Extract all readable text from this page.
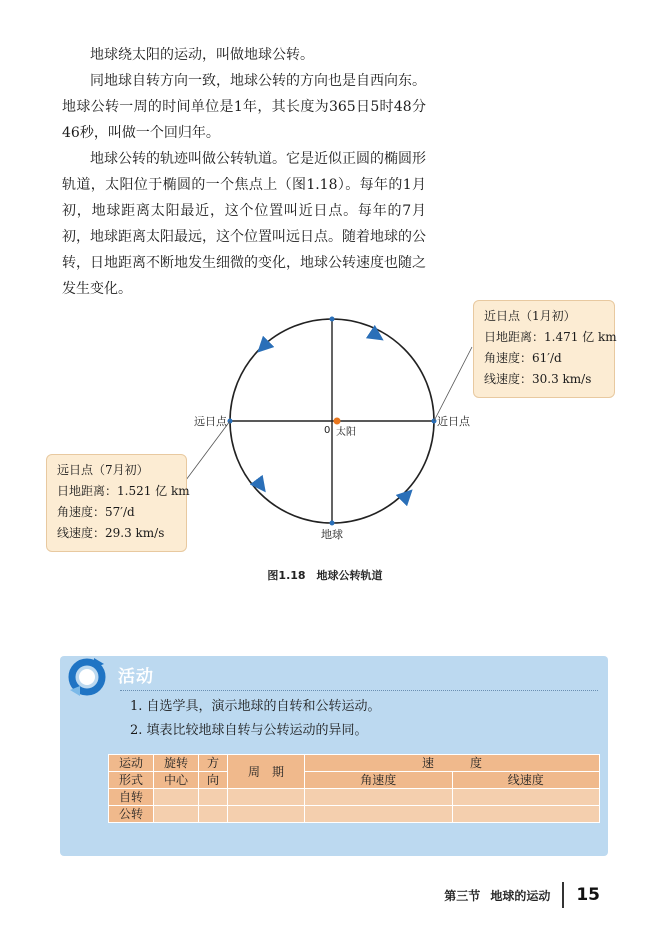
地球绕太阳的运动，叫做地球公转。

同地球自转方向一致，地球公转的方向也是自西向东。地球公转一周的时间单位是1年，其长度为365日5时48分46秒，叫做一个回归年。

地球公转的轨迹叫做公转轨道。它是近似正圆的椭圆形轨道，太阳位于椭圆的一个焦点上（图1.18）。每年的1月初，地球距离太阳最近，这个位置叫近日点。每年的7月初，地球距离太阳最远，这个位置叫远日点。随着地球的公转，日地距离不断地发生细微的变化，地球公转速度也随之发生变化。

远日点	近日点
0 太阳
地球
近日点（1月初）
日地距离：1.471 亿 km
角速度：61′/d
线速度：30.3 km/s
远日点（7月初）
日地距离：1.521 亿 km
角速度：57′/d
线速度：29.3 km/s
图1.18　地球公转轨道
活动
1. 自选学具，演示地球的自转和公转运动。
2. 填表比较地球自转与公转运动的异同。
运动	旋转	方	周　期	速　　　度	
形式	中心	向		角速度	线速度
自转					
公转					
第三节 地球的运动 15
